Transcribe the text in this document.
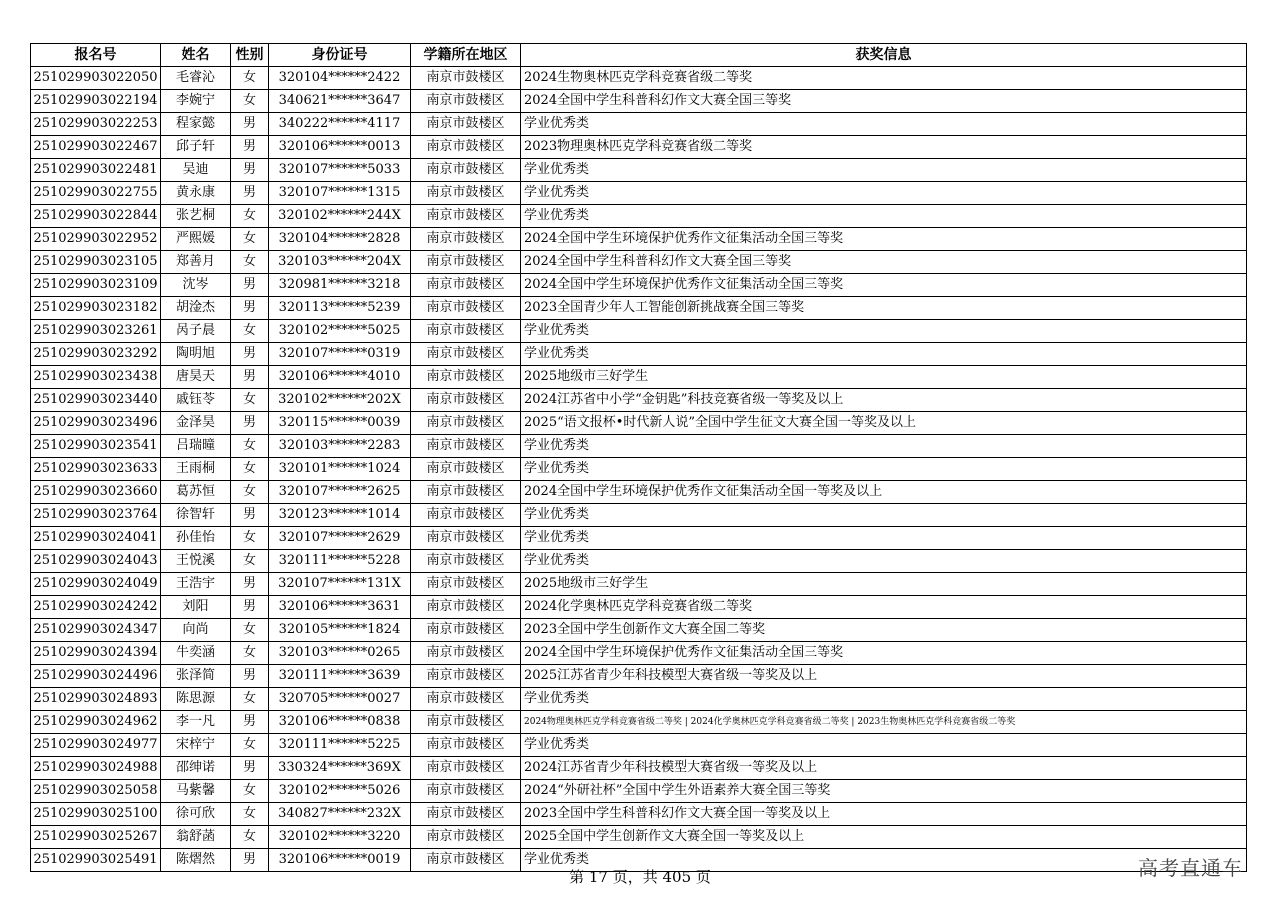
报名号	姓名	性别	身份证号	学籍所在地区	获奖信息
251029903022050	毛睿沁	女	320104******2422	南京市鼓楼区	2024生物奥林匹克学科竞赛省级二等奖
251029903022194	李婉宁	女	340621******3647	南京市鼓楼区	2024全国中学生科普科幻作文大赛全国三等奖
251029903022253	程家懿	男	340222******4117	南京市鼓楼区	学业优秀类
251029903022467	邱子轩	男	320106******0013	南京市鼓楼区	2023物理奥林匹克学科竞赛省级二等奖
251029903022481	吴迪	男	320107******5033	南京市鼓楼区	学业优秀类
251029903022755	黄永康	男	320107******1315	南京市鼓楼区	学业优秀类
251029903022844	张艺桐	女	320102******244X	南京市鼓楼区	学业优秀类
251029903022952	严熙媛	女	320104******2828	南京市鼓楼区	2024全国中学生环境保护优秀作文征集活动全国三等奖
251029903023105	郑善月	女	320103******204X	南京市鼓楼区	2024全国中学生科普科幻作文大赛全国三等奖
251029903023109	沈岑	男	320981******3218	南京市鼓楼区	2024全国中学生环境保护优秀作文征集活动全国三等奖
251029903023182	胡淦杰	男	320113******5239	南京市鼓楼区	2023全国青少年人工智能创新挑战赛全国三等奖
251029903023261	呙子晨	女	320102******5025	南京市鼓楼区	学业优秀类
251029903023292	陶明旭	男	320107******0319	南京市鼓楼区	学业优秀类
251029903023438	唐昊天	男	320106******4010	南京市鼓楼区	2025地级市三好学生
251029903023440	戚钰苓	女	320102******202X	南京市鼓楼区	2024江苏省中小学“金钥匙”科技竞赛省级一等奖及以上
251029903023496	金泽昊	男	320115******0039	南京市鼓楼区	2025“语文报杯•时代新人说”全国中学生征文大赛全国一等奖及以上
251029903023541	吕瑞曈	女	320103******2283	南京市鼓楼区	学业优秀类
251029903023633	王雨桐	女	320101******1024	南京市鼓楼区	学业优秀类
251029903023660	葛苏恒	女	320107******2625	南京市鼓楼区	2024全国中学生环境保护优秀作文征集活动全国一等奖及以上
251029903023764	徐智轩	男	320123******1014	南京市鼓楼区	学业优秀类
251029903024041	孙佳怡	女	320107******2629	南京市鼓楼区	学业优秀类
251029903024043	王悦溪	女	320111******5228	南京市鼓楼区	学业优秀类
251029903024049	王浩宇	男	320107******131X	南京市鼓楼区	2025地级市三好学生
251029903024242	刘阳	男	320106******3631	南京市鼓楼区	2024化学奥林匹克学科竞赛省级二等奖
251029903024347	向尚	女	320105******1824	南京市鼓楼区	2023全国中学生创新作文大赛全国二等奖
251029903024394	牛奕涵	女	320103******0265	南京市鼓楼区	2024全国中学生环境保护优秀作文征集活动全国三等奖
251029903024496	张泽简	男	320111******3639	南京市鼓楼区	2025江苏省青少年科技模型大赛省级一等奖及以上
251029903024893	陈思源	女	320705******0027	南京市鼓楼区	学业优秀类
251029903024962	李一凡	男	320106******0838	南京市鼓楼区	2024物理奥林匹克学科竞赛省级二等奖 | 2024化学奥林匹克学科竞赛省级二等奖 | 2023生物奥林匹克学科竞赛省级二等奖
251029903024977	宋梓宁	女	320111******5225	南京市鼓楼区	学业优秀类
251029903024988	邵绅诺	男	330324******369X	南京市鼓楼区	2024江苏省青少年科技模型大赛省级一等奖及以上
251029903025058	马紫馨	女	320102******5026	南京市鼓楼区	2024“外研社杯”全国中学生外语素养大赛全国三等奖
251029903025100	徐可欣	女	340827******232X	南京市鼓楼区	2023全国中学生科普科幻作文大赛全国一等奖及以上
251029903025267	翁舒菡	女	320102******3220	南京市鼓楼区	2025全国中学生创新作文大赛全国一等奖及以上
251029903025491	陈熠然	男	320106******0019	南京市鼓楼区	学业优秀类
第 17 页，共 405 页	高考直通车
